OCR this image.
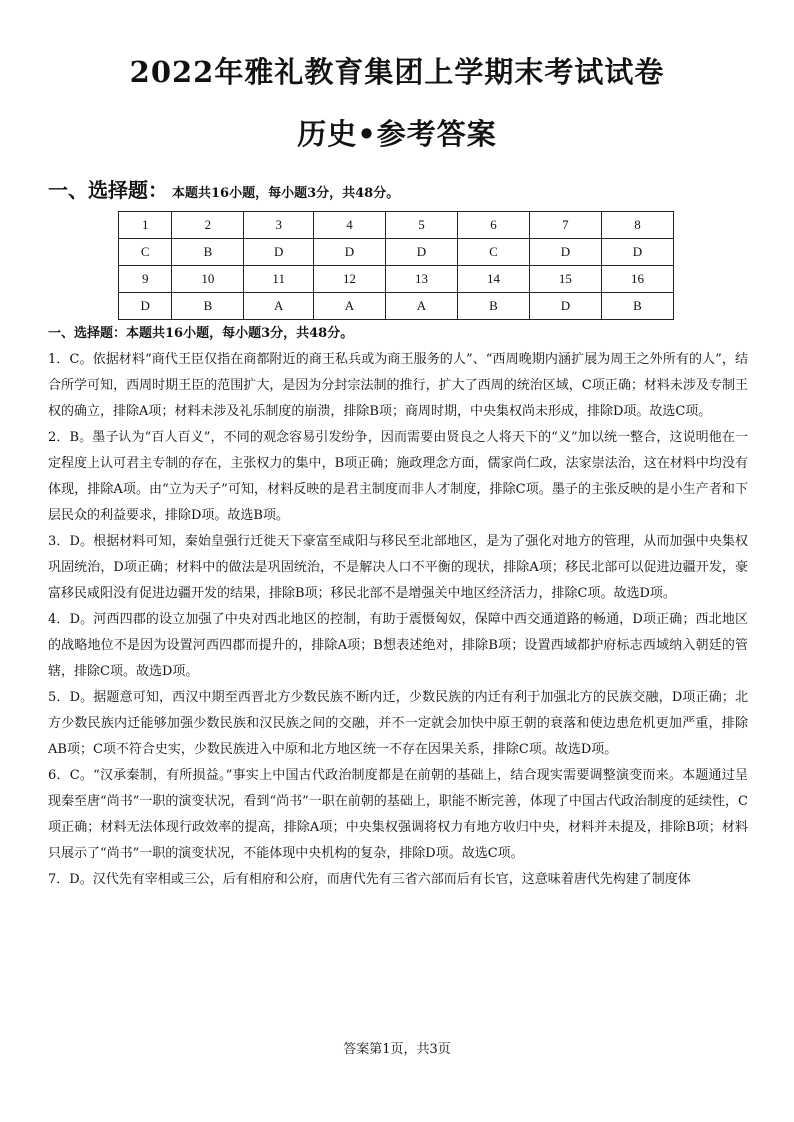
2022年雅礼教育集团上学期末考试试卷
历史•参考答案
一、选择题： 本题共16小题，每小题3分，共48分。
1	2	3	4	5	6	7	8
C	B	D	D	D	C	D	D
9	10	11	12	13	14	15	16
D	B	A	A	A	B	D	B

一、选择题：本题共16小题，每小题3分，共48分。

1．C。依据材料“商代王臣仅指在商都附近的商王私兵或为商王服务的人”、“西周晚期内涵扩展为周王之外所有的人”，结合所学可知，西周时期王臣的范围扩大，是因为分封宗法制的推行，扩大了西周的统治区域，C项正确；材料未涉及专制王权的确立，排除A项；材料未涉及礼乐制度的崩溃，排除B项；商周时期，中央集权尚未形成，排除D项。故选C项。

2．B。墨子认为“百人百义”，不同的观念容易引发纷争，因而需要由贤良之人将天下的“义”加以统一整合，这说明他在一定程度上认可君主专制的存在，主张权力的集中，B项正确；施政理念方面，儒家尚仁政，法家崇法治，这在材料中均没有体现，排除A项。由“立为天子”可知，材料反映的是君主制度而非人才制度，排除C项。墨子的主张反映的是小生产者和下层民众的利益要求，排除D项。故选B项。

3．D。根据材料可知，秦始皇强行迁徙天下豪富至咸阳与移民至北部地区，是为了强化对地方的管理，从而加强中央集权巩固统治，D项正确；材料中的做法是巩固统治，不是解决人口不平衡的现状，排除A项；移民北部可以促进边疆开发，豪富移民咸阳没有促进边疆开发的结果，排除B项；移民北部不是增强关中地区经济活力，排除C项。故选D项。

4．D。河西四郡的设立加强了中央对西北地区的控制，有助于震慑匈奴，保障中西交通道路的畅通，D项正确；西北地区的战略地位不是因为设置河西四郡而提升的，排除A项；B想表述绝对，排除B项；设置西域都护府标志西域纳入朝廷的管辖，排除C项。故选D项。

5．D。据题意可知，西汉中期至西晋北方少数民族不断内迁，少数民族的内迁有利于加强北方的民族交融，D项正确；北方少数民族内迁能够加强少数民族和汉民族之间的交融，并不一定就会加快中原王朝的衰落和使边患危机更加严重，排除AB项；C项不符合史实，少数民族进入中原和北方地区统一不存在因果关系，排除C项。故选D项。

6．C。“汉承秦制，有所损益。”事实上中国古代政治制度都是在前朝的基础上，结合现实需要调整演变而来。本题通过呈现秦至唐“尚书”一职的演变状况，看到“尚书”一职在前朝的基础上，职能不断完善，体现了中国古代政治制度的延续性，C项正确；材料无法体现行政效率的提高，排除A项；中央集权强调将权力有地方收归中央，材料并未提及，排除B项；材料只展示了“尚书”一职的演变状况，不能体现中央机构的复杂，排除D项。故选C项。

7．D。汉代先有宰相或三公，后有相府和公府，而唐代先有三省六部而后有长官，这意味着唐代先构建了制度体

答案第1页，共3页
